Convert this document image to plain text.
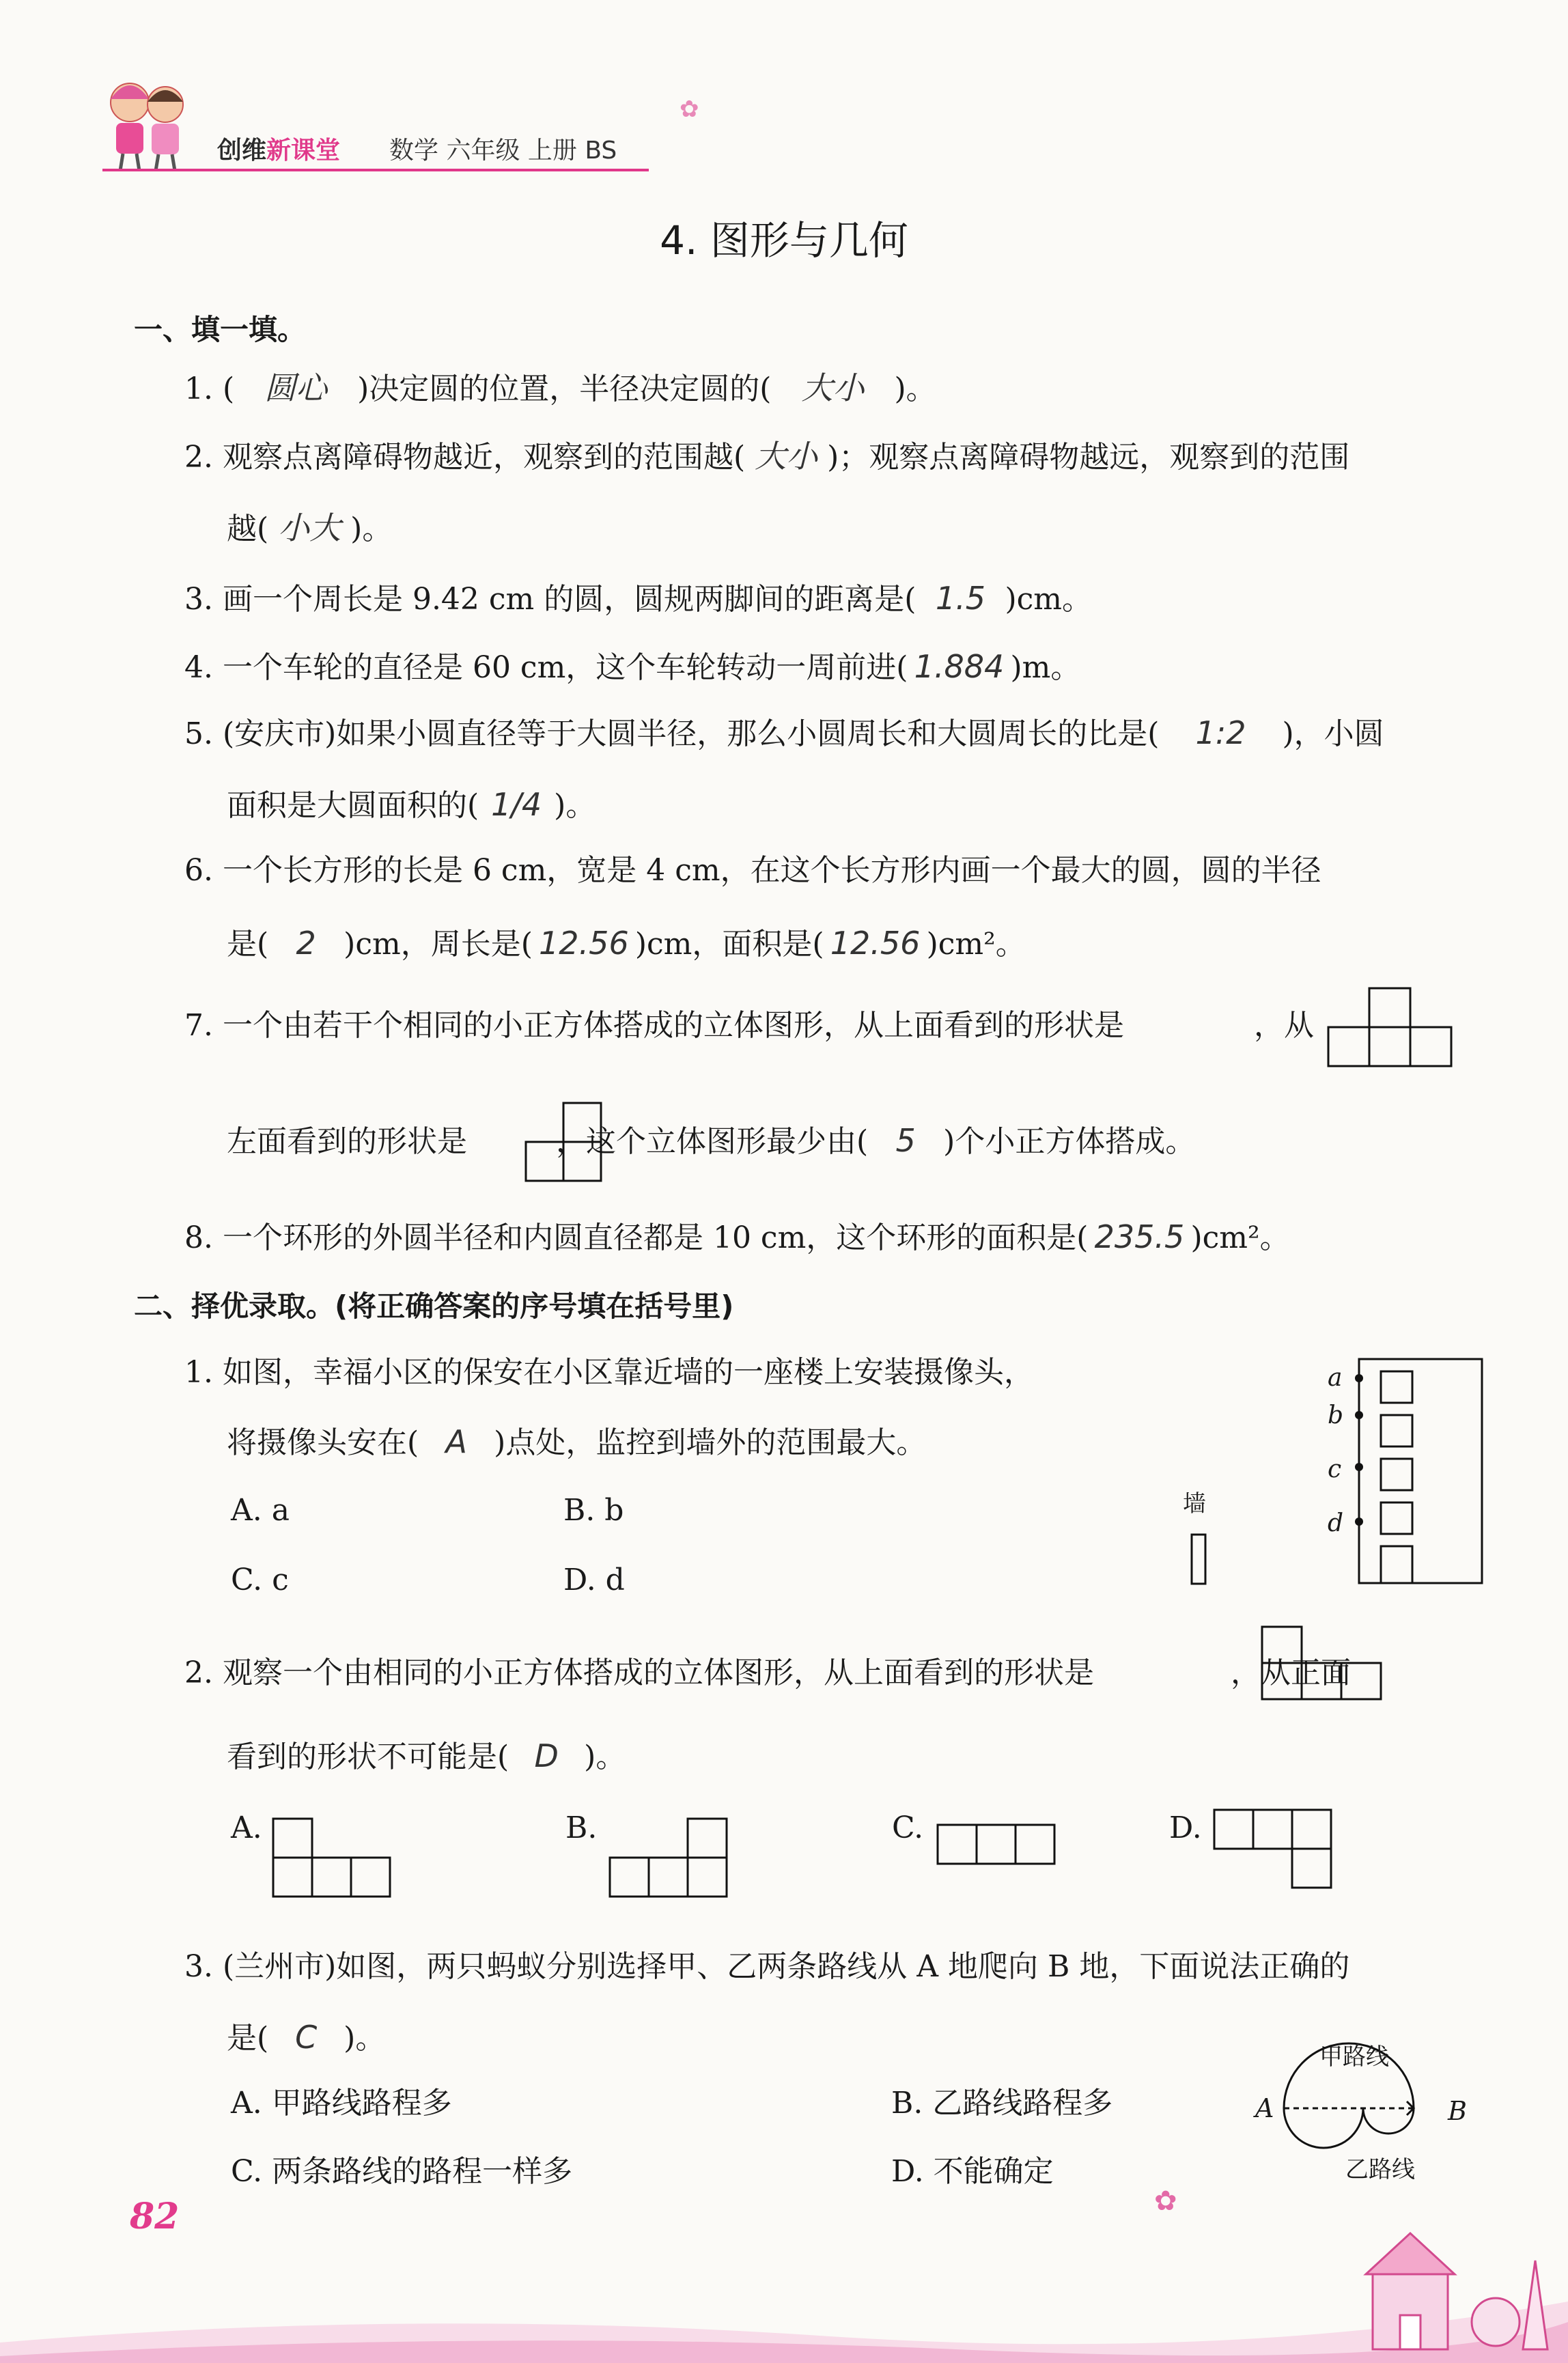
创维新课堂 数学 六年级 上册 BS
✿
4. 图形与几何
一、填一填。
1. ( 圆心 )决定圆的位置，半径决定圆的( 大小 )。
2. 观察点离障碍物越近，观察到的范围越( 大小 )；观察点离障碍物越远，观察到的范围
越( 小大 )。
3. 画一个周长是 9.42 cm 的圆，圆规两脚间的距离是( 1.5 )cm。
4. 一个车轮的直径是 60 cm，这个车轮转动一周前进( 1.884 )m。
5. (安庆市)如果小圆直径等于大圆半径，那么小圆周长和大圆周长的比是( 1:2 )，小圆
面积是大圆面积的( 1/4 )。
6. 一个长方形的长是 6 cm，宽是 4 cm，在这个长方形内画一个最大的圆，圆的半径
是( 2 )cm，周长是( 12.56 )cm，面积是( 12.56 )cm²。
7. 一个由若干个相同的小正方体搭成的立体图形，从上面看到的形状是	，从
左面看到的形状是	，这个立体图形最少由( 5 )个小正方体搭成。
8. 一个环形的外圆半径和内圆直径都是 10 cm，这个环形的面积是( 235.5 )cm²。
二、择优录取。(将正确答案的序号填在括号里)
1. 如图，幸福小区的保安在小区靠近墙的一座楼上安装摄像头，
将摄像头安在( A )点处，监控到墙外的范围最大。
A. a	B. b
C. c	D. d
a
b
c
d
墙
2. 观察一个由相同的小正方体搭成的立体图形，从上面看到的形状是	，从正面
看到的形状不可能是( D )。
A.	B.	C.	D.
3. (兰州市)如图，两只蚂蚁分别选择甲、乙两条路线从 A 地爬向 B 地，下面说法正确的
是( C )。
A. 甲路线路程多	B. 乙路线路程多
C. 两条路线的路程一样多	D. 不能确定
甲路线
乙路线
A	B
82	✿
